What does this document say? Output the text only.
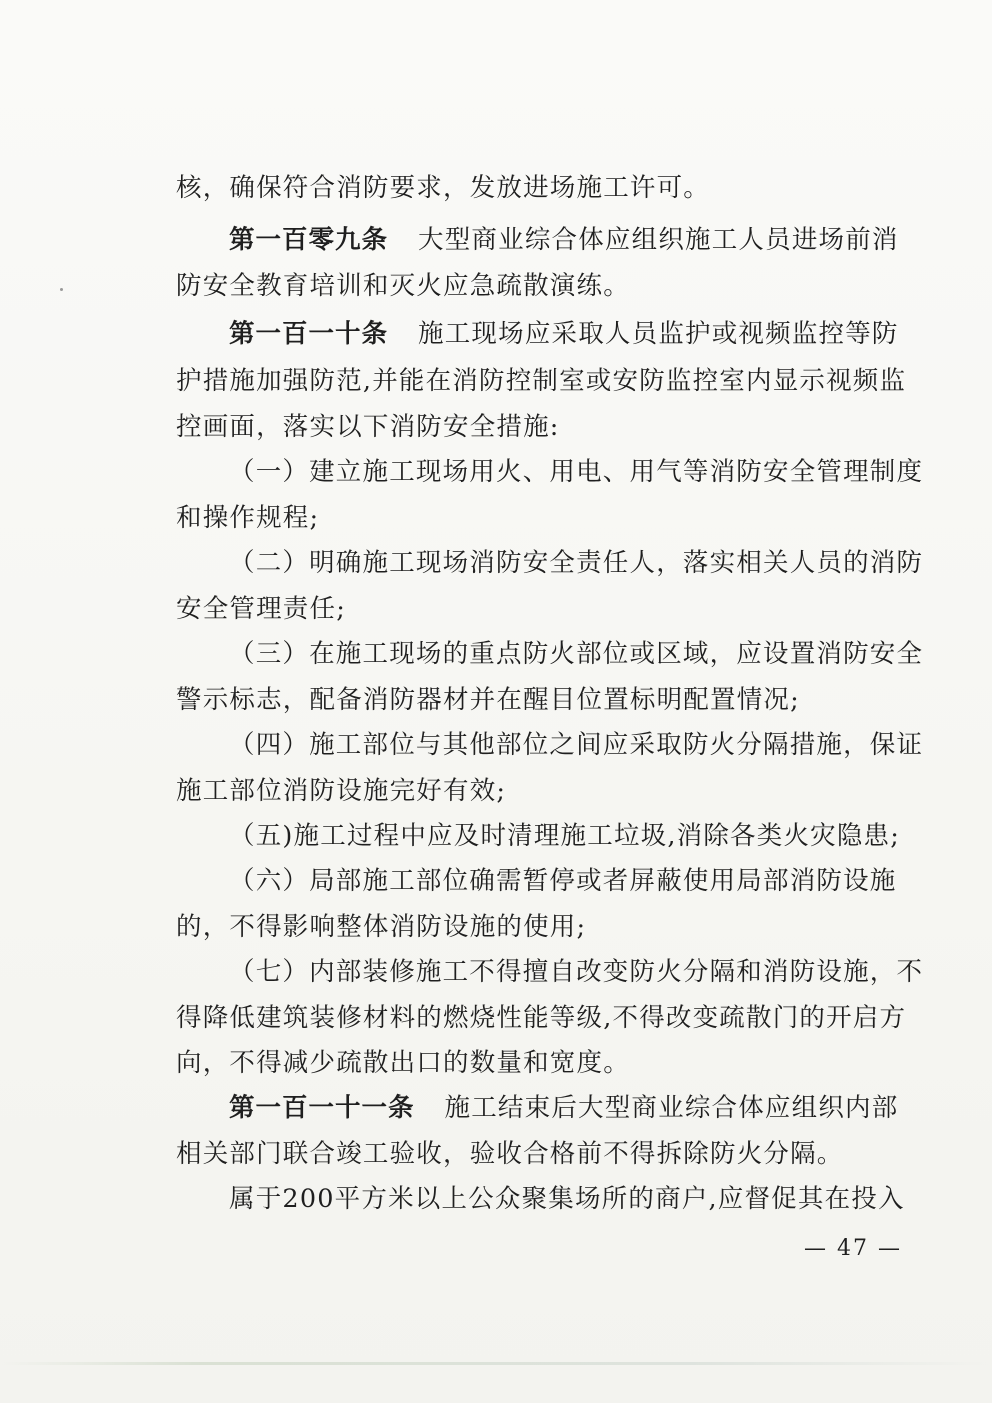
核，确保符合消防要求，发放进场施工许可。
第一百零九条 大型商业综合体应组织施工人员进场前消
防安全教育培训和灭火应急疏散演练。
第一百一十条 施工现场应采取人员监护或视频监控等防
护措施加强防范,并能在消防控制室或安防监控室内显示视频监
控画面，落实以下消防安全措施:
（一）建立施工现场用火、用电、用气等消防安全管理制度
和操作规程;
（二）明确施工现场消防安全责任人，落实相关人员的消防
安全管理责任;
（三）在施工现场的重点防火部位或区域，应设置消防安全
警示标志，配备消防器材并在醒目位置标明配置情况;
（四）施工部位与其他部位之间应采取防火分隔措施，保证
施工部位消防设施完好有效;
（五)施工过程中应及时清理施工垃圾,消除各类火灾隐患;
（六）局部施工部位确需暂停或者屏蔽使用局部消防设施
的，不得影响整体消防设施的使用;
（七）内部装修施工不得擅自改变防火分隔和消防设施，不
得降低建筑装修材料的燃烧性能等级,不得改变疏散门的开启方
向，不得减少疏散出口的数量和宽度。
第一百一十一条 施工结束后大型商业综合体应组织内部
相关部门联合竣工验收，验收合格前不得拆除防火分隔。
属于200平方米以上公众聚集场所的商户,应督促其在投入
— 47 —
